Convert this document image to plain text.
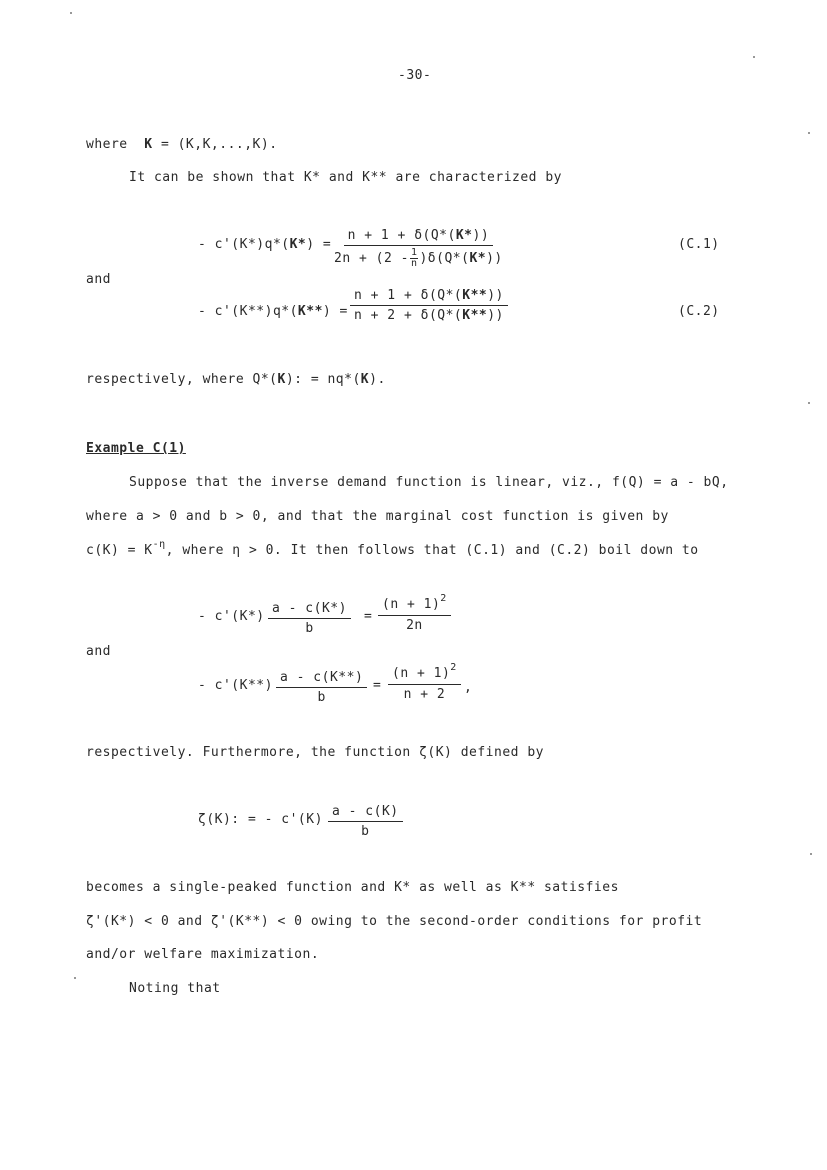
-30-
where K = (K,K,...,K).
It can be shown that K* and K** are characterized by
- $c'(K*)q*(K*) = \frac{n + 1 + \delta(Q*(K*))}{2n + (2 - \frac{1}{n} )\delta(Q*(K*))}$	(C.1)
and
- $c'(K**)q*(K**) = \frac{n + 1 + \delta(Q*(K**))}{n + 2 + \delta(Q*(K**))}$	(C.2)
respectively, where Q*(K): = nq*(K).
Example C(1)
Suppose that the inverse demand function is linear, viz., f(Q) = a - bQ,
where a > 0 and b > 0, and that the marginal cost function is given by
$c(K) = K^{-\eta}$, where η > 0. It then follows that (C.1) and (C.2) boil down to
- $c'(K*) \frac{a - c(K*)}{b} = \frac{(n + 1)^2}{2n}$
and
- $c'(K**) \frac{a - c(K**)}{b} = \frac{(n + 1)^2}{n + 2}$ ,
respectively. Furthermore, the function ζ(K) defined by
ζ(K): = - $c'(K) \frac{a - c(K)}{b}$
becomes a single-peaked function and K* as well as K** satisfies
ζ'(K*) < 0 and ζ'(K**) < 0 owing to the second-order conditions for profit
and/or welfare maximization.
Noting that
